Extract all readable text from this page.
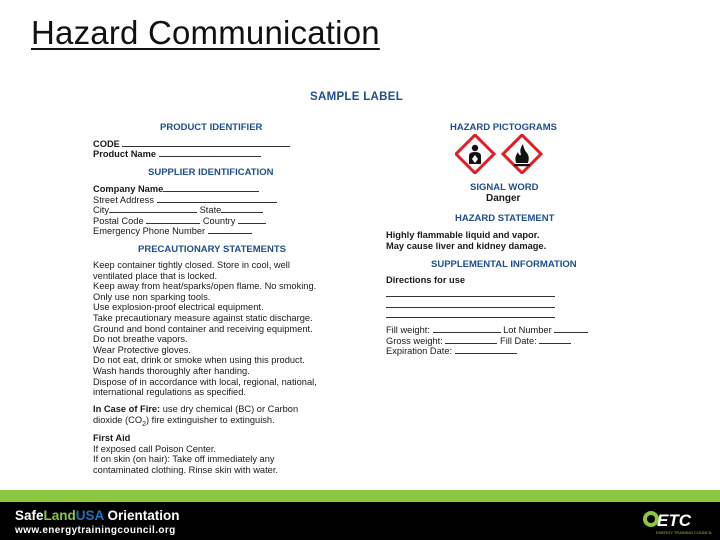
Hazard Communication
SAMPLE LABEL
PRODUCT IDENTIFIER
CODE
Product Name
SUPPLIER IDENTIFICATION
Company Name
Street Address
City	State
Postal Code	Country
Emergency Phone Number
PRECAUTIONARY STATEMENTS
Keep container tightly closed. Store in cool, well
ventilated place that is locked.
Keep away from heat/sparks/open flame. No smoking.
Only use non sparking tools.
Use explosion-proof electrical equipment.
Take precautionary measure against static discharge.
Ground and bond container and receiving equipment.
Do not breathe vapors.
Wear Protective gloves.
Do not eat, drink or smoke when using this product.
Wash hands thoroughly after handing.
Dispose of in accordance with local, regional, national,
international regulations as specified.
In Case of Fire: use dry chemical (BC) or Carbon
dioxide $(CO_2)$ fire extinguisher to extinguish.
First Aid
If exposed call Poison Center.
If on skin (on hair): Take off immediately any
contaminated clothing. Rinse skin with water.
HAZARD PICTOGRAMS
SIGNAL WORD
Danger
HAZARD STATEMENT
Highly flammable liquid and vapor.
May cause liver and kidney damage.
SUPPLEMENTAL INFORMATION
Directions for use
Fill weight:	Lot Number
Gross weight:	Fill Date:
Expiration Date:
SafeLandUSA Orientation
www.energytrainingcouncil.org
ETC
ENERGY TRAINING COUNCIL
